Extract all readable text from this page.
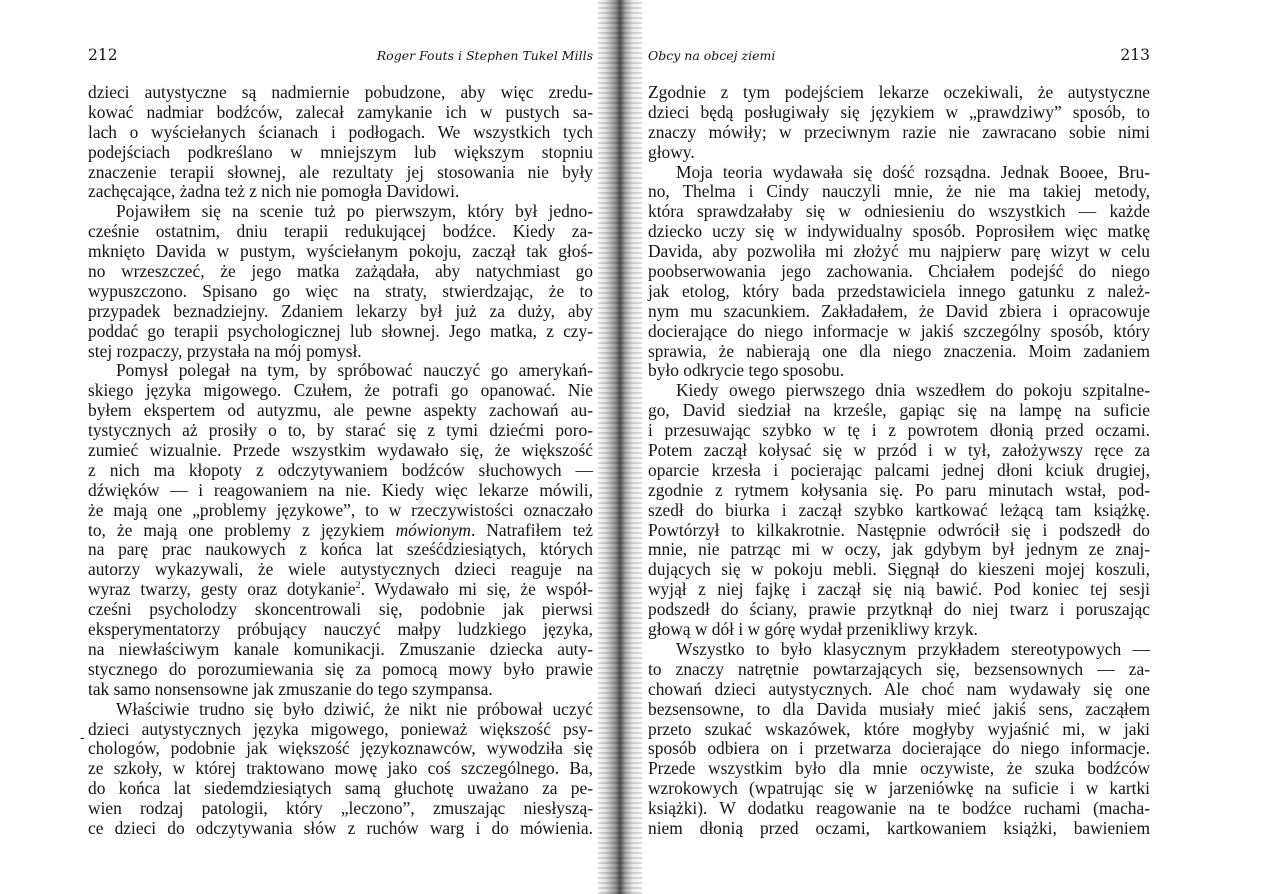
212	Roger Fouts i Stephen Tukel Mills
dzieci autystyczne są nadmiernie pobudzone, aby więc zredu-
kować nadmiar bodźców, zalecał zamykanie ich w pustych sa-
lach o wyściełanych ścianach i podłogach. We wszystkich tych
podejściach podkreślano w mniejszym lub większym stopniu
znaczenie terapii słownej, ale rezultaty jej stosowania nie były
zachęcające, żadna też z nich nie pomogła Davidowi.
Pojawiłem się na scenie tuż po pierwszym, który był jedno-
cześnie ostatnim, dniu terapii redukującej bodźce. Kiedy za-
mknięto Davida w pustym, wyściełanym pokoju, zaczął tak głoś-
no wrzeszczeć, że jego matka zażądała, aby natychmiast go
wypuszczono. Spisano go więc na straty, stwierdzając, że to
przypadek beznadziejny. Zdaniem lekarzy był już za duży, aby
poddać go terapii psychologicznej lub słownej. Jego matka, z czy-
stej rozpaczy, przystała na mój pomysł.
Pomysł polegał na tym, by spróbować nauczyć go amerykań-
skiego języka migowego. Czułem, że potrafi go opanować. Nie
byłem ekspertem od autyzmu, ale pewne aspekty zachowań au-
tystycznych aż prosiły o to, by starać się z tymi dziećmi poro-
zumieć wizualnie. Przede wszystkim wydawało się, że większość
z nich ma kłopoty z odczytywaniem bodźców słuchowych —
dźwięków — i reagowaniem na nie. Kiedy więc lekarze mówili,
że mają one „problemy językowe”, to w rzeczywistości oznaczało
to, że mają one problemy z językiem mówionym. Natrafiłem też
na parę prac naukowych z końca lat sześćdziesiątych, których
autorzy wykazywali, że wiele autystycznych dzieci reaguje na
wyraz twarzy, gesty oraz dotykanie$^2$. Wydawało mi się, że współ-
cześni psycholodzy skoncentrowali się, podobnie jak pierwsi
eksperymentatorzy próbujący nauczyć małpy ludzkiego języka,
na niewłaściwym kanale komunikacji. Zmuszanie dziecka auty-
stycznego do porozumiewania się za pomocą mowy było prawie
tak samo nonsensowne jak zmuszanie do tego szympansa.
Właściwie trudno się było dziwić, że nikt nie próbował uczyć
dzieci autystycznych języka migowego, ponieważ większość psy-
chologów, podobnie jak większość językoznawców, wywodziła się
ze szkoły, w której traktowano mowę jako coś szczególnego. Ba,
do końca lat siedemdziesiątych samą głuchotę uważano za pe-
wien rodzaj patologii, który „leczono”, zmuszając niesłyszą-
ce dzieci do odczytywania słów z ruchów warg i do mówienia.
-
Obcy na obcej ziemi	213
Zgodnie z tym podejściem lekarze oczekiwali, że autystyczne
dzieci będą posługiwały się językiem w „prawdziwy” sposób, to
znaczy mówiły; w przeciwnym razie nie zawracano sobie nimi
głowy.
Moja teoria wydawała się dość rozsądna. Jednak Booee, Bru-
no, Thelma i Cindy nauczyli mnie, że nie ma takiej metody,
która sprawdzałaby się w odniesieniu do wszystkich — każde
dziecko uczy się w indywidualny sposób. Poprosiłem więc matkę
Davida, aby pozwoliła mi złożyć mu najpierw parę wizyt w celu
poobserwowania jego zachowania. Chciałem podejść do niego
jak etolog, który bada przedstawiciela innego gatunku z należ-
nym mu szacunkiem. Zakładałem, że David zbiera i opracowuje
docierające do niego informacje w jakiś szczególny sposób, który
sprawia, że nabierają one dla niego znaczenia. Moim zadaniem
było odkrycie tego sposobu.
Kiedy owego pierwszego dnia wszedłem do pokoju szpitalne-
go, David siedział na krześle, gapiąc się na lampę na suficie
i przesuwając szybko w tę i z powrotem dłonią przed oczami.
Potem zaczął kołysać się w przód i w tył, założywszy ręce za
oparcie krzesła i pocierając palcami jednej dłoni kciuk drugiej,
zgodnie z rytmem kołysania się. Po paru minutach wstał, pod-
szedł do biurka i zaczął szybko kartkować leżącą tam książkę.
Powtórzył to kilkakrotnie. Następnie odwrócił się i podszedł do
mnie, nie patrząc mi w oczy, jak gdybym był jednym ze znaj-
dujących się w pokoju mebli. Sięgnął do kieszeni mojej koszuli,
wyjął z niej fajkę i zaczął się nią bawić. Pod koniec tej sesji
podszedł do ściany, prawie przytknął do niej twarz i poruszając
głową w dół i w górę wydał przenikliwy krzyk.
Wszystko to było klasycznym przykładem stereotypowych —
to znaczy natrętnie powtarzających się, bezsensownych — za-
chowań dzieci autystycznych. Ale choć nam wydawały się one
bezsensowne, to dla Davida musiały mieć jakiś sens, zacząłem
przeto szukać wskazówek, które mogłyby wyjaśnić mi, w jaki
sposób odbiera on i przetwarza docierające do niego informacje.
Przede wszystkim było dla mnie oczywiste, że szuka bodźców
wzrokowych (wpatrując się w jarzeniówkę na suficie i w kartki
książki). W dodatku reagowanie na te bodźce ruchami (macha-
niem dłonią przed oczami, kartkowaniem książki, bawieniem
